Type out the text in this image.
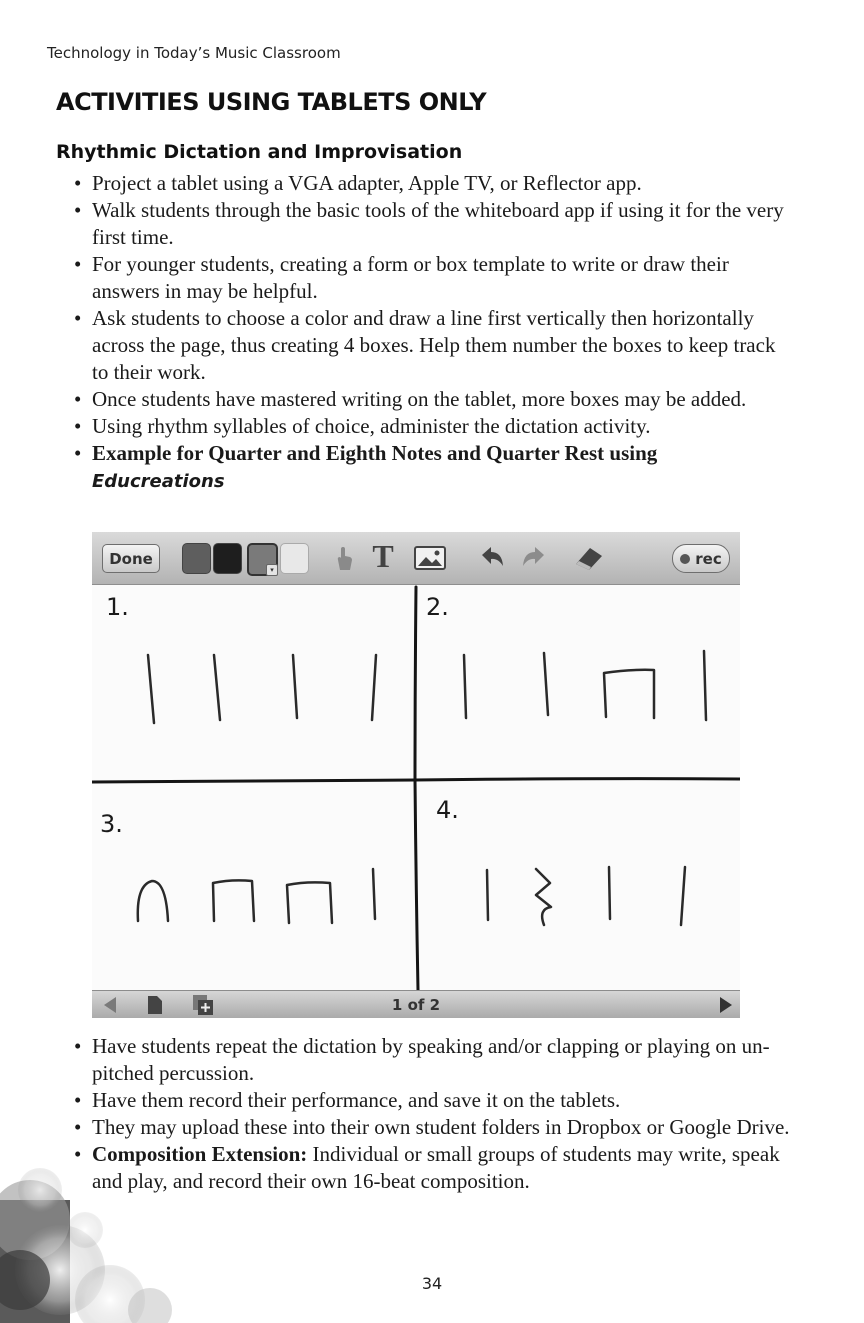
Technology in Today’s Music Classroom
ACTIVITIES USING TABLETS ONLY
Rhythmic Dictation and Improvisation
• Project a tablet using a VGA adapter, Apple TV, or Reflector app.
• Walk students through the basic tools of the whiteboard app if using it for the very first time.
• For younger students, creating a form or box template to write or draw their answers in may be helpful.
• Ask students to choose a color and draw a line first vertically then horizontally across the page, thus creating 4 boxes. Help them number the boxes to keep track to their work.
• Once students have mastered writing on the tablet, more boxes may be added.
• Using rhythm syllables of choice, administer the dictation activity.
• Example for Quarter and Eighth Notes and Quarter Rest using
Educreations
Done
▾	T	rec
1.	2.
3.	4.
1 of 2
• Have students repeat the dictation by speaking and/or clapping or playing on un-pitched percussion.
• Have them record their performance, and save it on the tablets.
• They may upload these into their own student folders in Dropbox or Google Drive.
• Composition Extension: Individual or small groups of students may write, speak and play, and record their own 16-beat composition.
34
